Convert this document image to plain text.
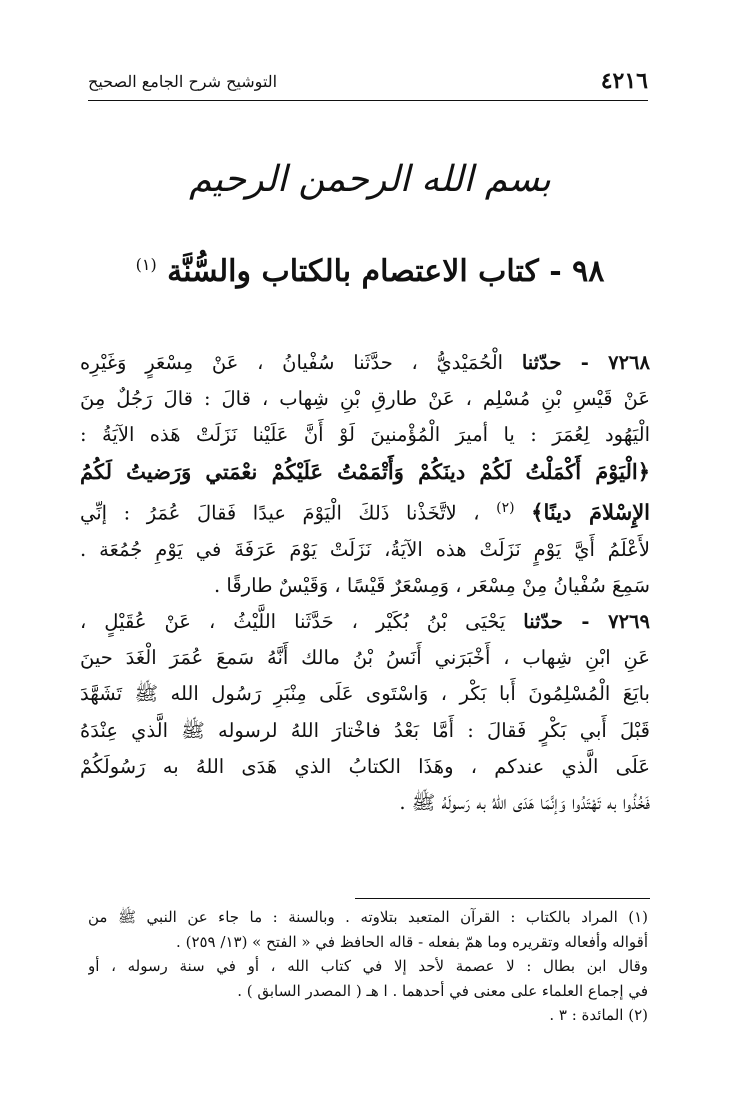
٤٢١٦
التوشيح شرح الجامع الصحيح
بسم الله الرحمن الرحيم
٩٨ - كتاب الاعتصام بالكتاب والسُّنَّة $^{(١)}$
٧٢٦٨ - حدّثنا الْحُمَيْديُّ ، حدَّثَنا سُفْيانُ ، عَنْ مِسْعَرٍ وَغَيْرِه
عَنْ قَيْسِ بْنِ مُسْلِم ، عَنْ طارقِ بْنِ شِهاب ، قالَ : قالَ رَجُلٌ مِنَ
الْيَهُود لِعُمَرَ : يا أميرَ الْمُؤْمنينَ لَوْ أَنَّ عَلَيْنا نَزَلَتْ هَذه الآيَةُ :
﴿الْيَوْمَ أَكْمَلْتُ لَكُمْ دينَكُمْ وَأَتْمَمْتُ عَلَيْكُمْ نعْمَتي وَرَضيتُ لَكُمُ
الإِسْلامَ دينًا﴾ $^{(٢)}$ ، لاتَّخَذْنا ذَلكَ الْيَوْمَ عيدًا فَقالَ عُمَرُ : إنِّي
لأَعْلَمُ أَيَّ يَوْمٍ نَزَلَتْ هذه الآيَةُ، نَزَلَتْ يَوْمَ عَرَفَةَ في يَوْمِ جُمُعَة .
سَمِعَ سُفْيانُ مِنْ مِسْعَر ، وَمِسْعَرٌ قَيْسًا ، وَقَيْسٌ طارقًا .
٧٢٦٩ - حدّثنا يَحْيَى بْنُ بُكَيْر ، حَدَّثَنا اللَّيْثُ ، عَنْ عُقَيْلٍ ،
عَنِ ابْنِ شِهاب ، أَخْبَرَني أَنَسُ بْنُ مالك أَنَّهُ سَمعَ عُمَرَ الْغَدَ حينَ
بايَعَ الْمُسْلِمُونَ أَبا بَكْر ، وَاسْتَوى عَلَى مِنْبَرِ رَسُول الله ﷺ تَشَهَّدَ
قَبْلَ أَبي بَكْرٍ فَقالَ : أَمَّا بَعْدُ فاخْتارَ اللهُ لرسوله ﷺ الَّذي عِنْدَهُ
عَلَى الَّذي عندكم ، وهَذَا الكتابُ الذي هَدَى اللهُ به رَسُولَكُمْ
فَخُذُوا به تَهْتَدُوا وَإنَّمَا هَدَى اللهُ به رَسولَهُ ﷺ .
(١) المراد بالكتاب : القرآن المتعبد بتلاوته . وبالسنة : ما جاء عن النبي ﷺ من
أقواله وأفعاله وتقريره وما همّ بفعله - قاله الحافظ في « الفتح » (١٣/ ٢٥٩) .
وقال ابن بطال : لا عصمة لأحد إلا في كتاب الله ، أو في سنة رسوله ، أو
في إجماع العلماء على معنى في أحدهما . ا هـ ( المصدر السابق ) .
(٢) المائدة : ٣ .
